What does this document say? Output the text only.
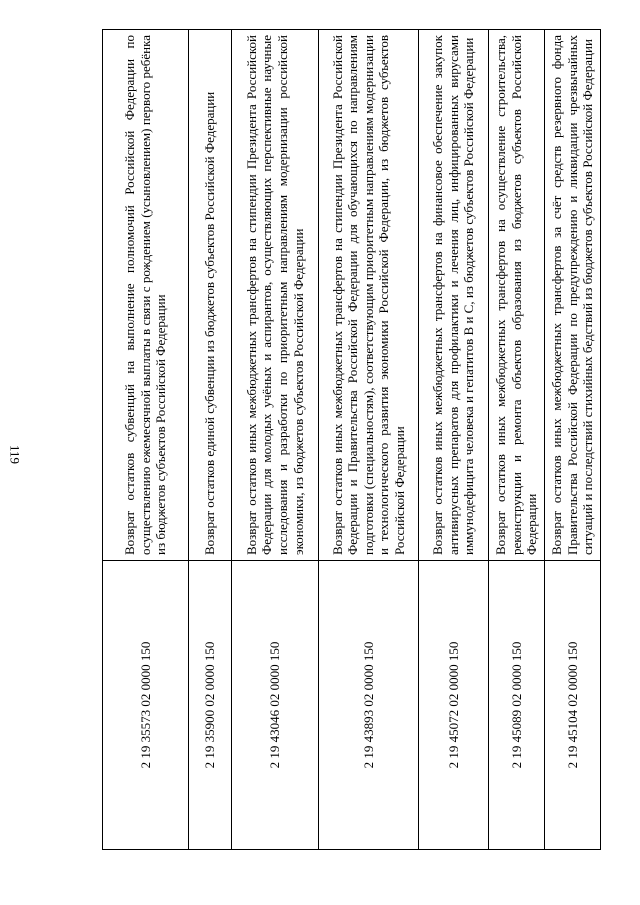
119
2 19 35573 02 0000 150	Возврат остатков субвенций на выполнение полномочий Российской Федерации по осуществлению ежемесячной выплаты в связи с рождением (усыновлением) первого ребёнка из бюджетов субъектов Российской Федерации
2 19 35900 02 0000 150	Возврат остатков единой субвенции из бюджетов субъектов Российской Федерации
2 19 43046 02 0000 150	Возврат остатков иных межбюджетных трансфертов на стипендии Президента Российской Федерации для молодых учёных и аспирантов, осуществляющих перспективные научные исследования и разработки по приоритетным направлениям модернизации российской экономики, из бюджетов субъектов Российской Федерации
2 19 43893 02 0000 150	Возврат остатков иных межбюджетных трансфертов на стипендии Президента Российской Федерации и Правительства Российской Федерации для обучающихся по направлениям подготовки (специальностям), соответствующим приоритетным направлениям модернизации и технологического развития экономики Российской Федерации, из бюджетов субъектов Российской Федерации
2 19 45072 02 0000 150	Возврат остатков иных межбюджетных трансфертов на финансовое обеспечение закупок антивирусных препаратов для профилактики и лечения лиц, инфицированных вирусами иммунодефицита человека и гепатитов B и C, из бюджетов субъектов Российской Федерации
2 19 45089 02 0000 150	Возврат остатков иных межбюджетных трансфертов на осуществление строительства, реконструкции и ремонта объектов образования из бюджетов субъектов Российской Федерации
2 19 45104 02 0000 150	Возврат остатков иных межбюджетных трансфертов за счёт средств резервного фонда Правительства Российской Федерации по предупреждению и ликвидации чрезвычайных ситуаций и последствий стихийных бедствий из бюджетов субъектов Российской Федерации
